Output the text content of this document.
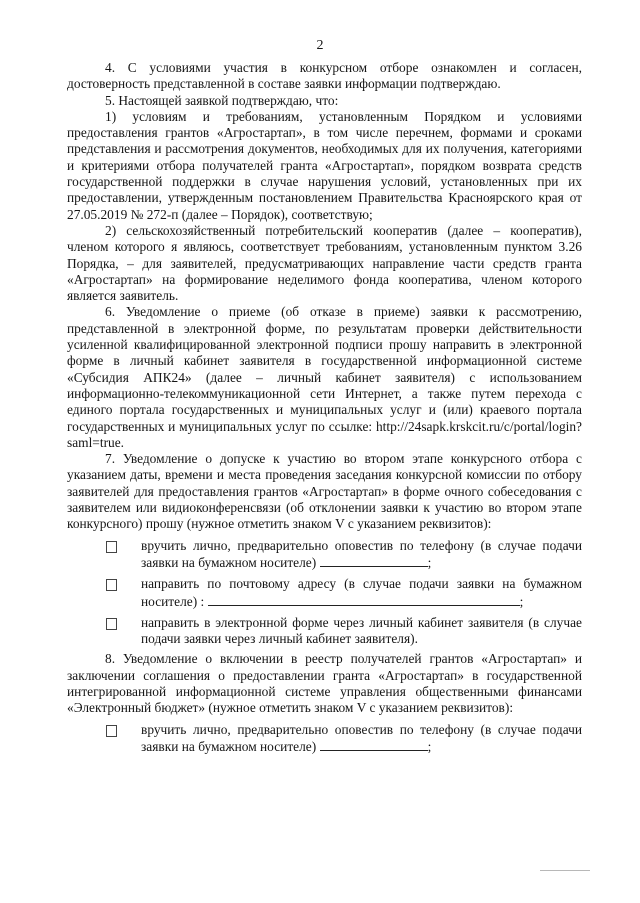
2

4. С условиями участия в конкурсном отборе ознакомлен и согласен, достоверность представленной в составе заявки информации подтверждаю.

5. Настоящей заявкой подтверждаю, что:

1) условиям и требованиям, установленным Порядком и условиями предоставления грантов «Агростартап», в том числе перечнем, формами и сроками представления и рассмотрения документов, необходимых для их получения, категориями и критериями отбора получателей гранта «Агростартап», порядком возврата средств государственной поддержки в случае нарушения условий, установленных при их предоставлении, утвержденным постановлением Правительства Красноярского края от 27.05.2019 № 272-п (далее – Порядок), соответствую;

2) сельскохозяйственный потребительский кооператив (далее – кооператив), членом которого я являюсь, соответствует требованиям, установленным пунктом 3.26 Порядка, – для заявителей, предусматривающих направление части средств гранта «Агростартап» на формирование неделимого фонда кооператива, членом которого является заявитель.

6. Уведомление о приеме (об отказе в приеме) заявки к рассмотрению, представленной в электронной форме, по результатам проверки действительности усиленной квалифицированной электронной подписи прошу направить в электронной форме в личный кабинет заявителя в государственной информационной системе «Субсидия АПК24» (далее – личный кабинет заявителя) с использованием информационно-телекоммуникационной сети Интернет, а также путем перехода с единого портала государственных и муниципальных услуг и (или) краевого портала государственных и муниципальных услуг по ссылке: http://24sapk.krskcit.ru/c/portal/login?saml=true.

7. Уведомление о допуске к участию во втором этапе конкурсного отбора с указанием даты, времени и места проведения заседания конкурсной комиссии по отбору заявителей для предоставления грантов «Агростартап» в форме очного собеседования с заявителем или видиоконференсвязи (об отклонении заявки к участию во втором этапе конкурсного) прошу (нужное отметить знаком V с указанием реквизитов):

вручить лично, предварительно оповестив по телефону (в случае подачи заявки на бумажном носителе)	;
направить по почтовому адресу (в случае подачи заявки на бумажном носителе) :	;
направить в электронной форме через личный кабинет заявителя (в случае подачи заявки через личный кабинет заявителя).

8. Уведомление о включении в реестр получателей грантов «Агростартап» и заключении соглашения о предоставлении гранта «Агростартап» в государственной интегрированной информационной системе управления общественными финансами «Электронный бюджет» (нужное отметить знаком V с указанием реквизитов):

вручить лично, предварительно оповестив по телефону (в случае подачи заявки на бумажном носителе)	;
